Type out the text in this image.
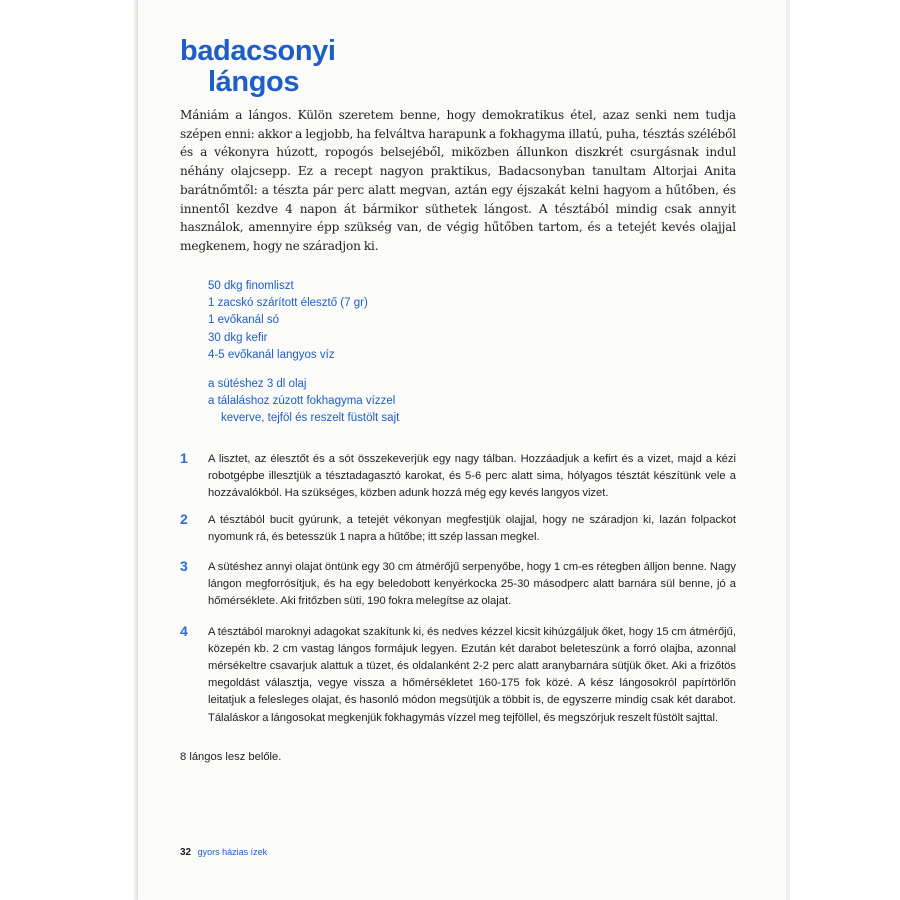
badacsonyi
lángos

Mániám a lángos. Külön szeretem benne, hogy demokratikus étel, azaz senki nem tudja szépen enni: akkor a legjobb, ha felváltva harapunk a fokhagyma illatú, puha, tésztás széléből és a vékonyra húzott, ropogós belsejéből, miközben állunkon diszkrét csurgásnak indul néhány olajcsepp. Ez a recept nagyon praktikus, Badacsonyban tanultam Altorjai Anita barátnőmtől: a tészta pár perc alatt megvan, aztán egy éjszakát kelni hagyom a hűtőben, és innentől kezdve 4 napon át bármikor süthetek lángost. A tésztából mindig csak annyit használok, amennyire épp szükség van, de végig hűtőben tartom, és a tetejét kevés olajjal megkenem, hogy ne száradjon ki.

50 dkg finomliszt
1 zacskó szárított élesztő (7 gr)
1 evőkanál só
30 dkg kefir
4-5 evőkanál langyos víz
a sütéshez 3 dl olaj
a tálaláshoz zúzott fokhagyma vízzel
keverve, tejföl és reszelt füstölt sajt
1 A lisztet, az élesztőt és a sót összekeverjük egy nagy tálban. Hozzáadjuk a kefirt és a vizet, majd a kézi robotgépbe illesztjük a tésztadagasztó karokat, és 5-6 perc alatt sima, hólyagos tésztát készítünk vele a hozzávalókból. Ha szükséges, közben adunk hozzá még egy kevés langyos vizet.
2 A tésztából bucit gyúrunk, a tetejét vékonyan megfestjük olajjal, hogy ne száradjon ki, lazán folpackot nyomunk rá, és betesszük 1 napra a hűtőbe; itt szép lassan megkel.
3 A sütéshez annyi olajat öntünk egy 30 cm átmérőjű serpenyőbe, hogy 1 cm-es rétegben álljon benne. Nagy lángon megforrósítjuk, és ha egy beledobott kenyérkocka 25-30 másodperc alatt barnára sül benne, jó a hőmérséklete. Aki fritőzben süti, 190 fokra melegítse az olajat.
4 A tésztából maroknyi adagokat szakítunk ki, és nedves kézzel kicsit kihúzgáljuk őket, hogy 15 cm átmérőjű, közepén kb. 2 cm vastag lángos formájuk legyen. Ezután két darabot beleteszünk a forró olajba, azonnal mérsékeltre csavarjuk alattuk a tüzet, és oldalanként 2-2 perc alatt aranybarnára sütjük őket. Aki a frizőtös megoldást választja, vegye vissza a hőmérsékletet 160-175 fok közé. A kész lángosokról papírtörlőn leitatjuk a felesleges olajat, és hasonló módon megsütjük a többit is, de egyszerre mindig csak két darabot. Tálaláskor a lángosokat megkenjük fokhagymás vízzel meg tejföllel, és megszórjuk reszelt füstölt sajttal.
8 lángos lesz belőle.
32 gyors házias ízek
